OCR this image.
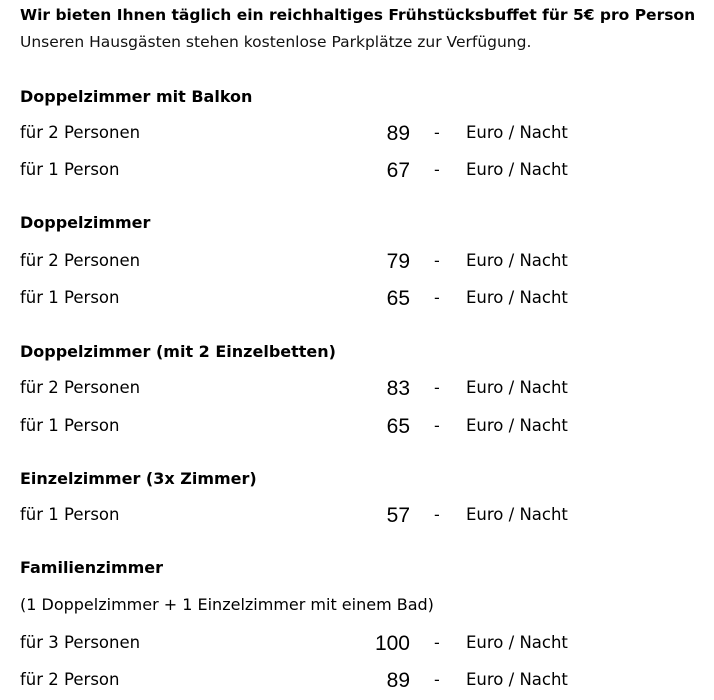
Wir bieten Ihnen täglich ein reichhaltiges Frühstücksbuffet für 5€ pro Person
Unseren Hausgästen stehen kostenlose Parkplätze zur Verfügung.
Doppelzimmer mit Balkon
für 2 Personen	89 - Euro / Nacht
für 1 Person	67 - Euro / Nacht
Doppelzimmer
für 2 Personen	79 - Euro / Nacht
für 1 Person	65 - Euro / Nacht
Doppelzimmer (mit 2 Einzelbetten)
für 2 Personen	83 - Euro / Nacht
für 1 Person	65 - Euro / Nacht
Einzelzimmer (3x Zimmer)
für 1 Person	57 - Euro / Nacht
Familienzimmer
(1 Doppelzimmer + 1 Einzelzimmer mit einem Bad)
für 3 Personen	100 - Euro / Nacht
für 2 Person	89 - Euro / Nacht
